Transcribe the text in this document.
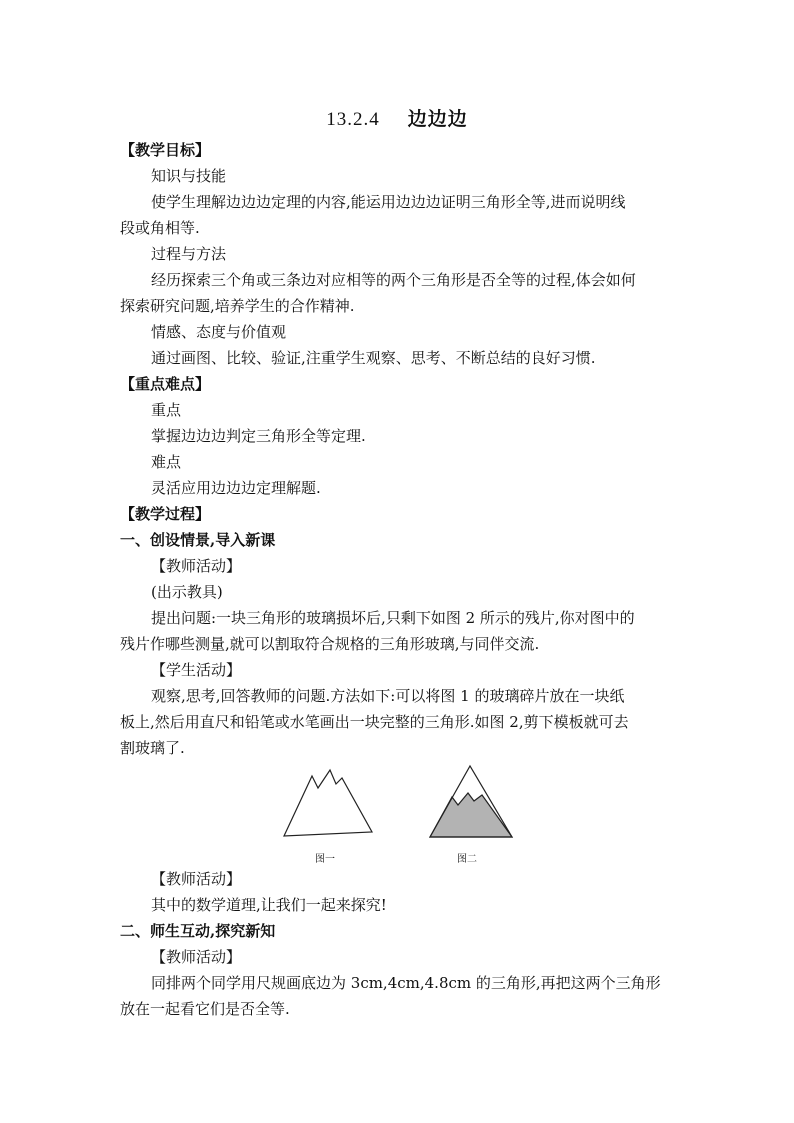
13.2.4 边边边
【教学目标】
知识与技能
使学生理解边边边定理的内容,能运用边边边证明三角形全等,进而说明线
段或角相等.
过程与方法
经历探索三个角或三条边对应相等的两个三角形是否全等的过程,体会如何
探索研究问题,培养学生的合作精神.
情感、态度与价值观
通过画图、比较、验证,注重学生观察、思考、不断总结的良好习惯.
【重点难点】
重点
掌握边边边判定三角形全等定理.
难点
灵活应用边边边定理解题.
【教学过程】
一、创设情景,导入新课
【教师活动】
(出示教具)
提出问题:一块三角形的玻璃损坏后,只剩下如图 2 所示的残片,你对图中的
残片作哪些测量,就可以割取符合规格的三角形玻璃,与同伴交流.
【学生活动】
观察,思考,回答教师的问题.方法如下:可以将图 1 的玻璃碎片放在一块纸
板上,然后用直尺和铅笔或水笔画出一块完整的三角形.如图 2,剪下模板就可去
割玻璃了.
图一	图二
【教师活动】
其中的数学道理,让我们一起来探究!
二、师生互动,探究新知
【教师活动】
同排两个同学用尺规画底边为 3cm,4cm,4.8cm 的三角形,再把这两个三角形
放在一起看它们是否全等.
